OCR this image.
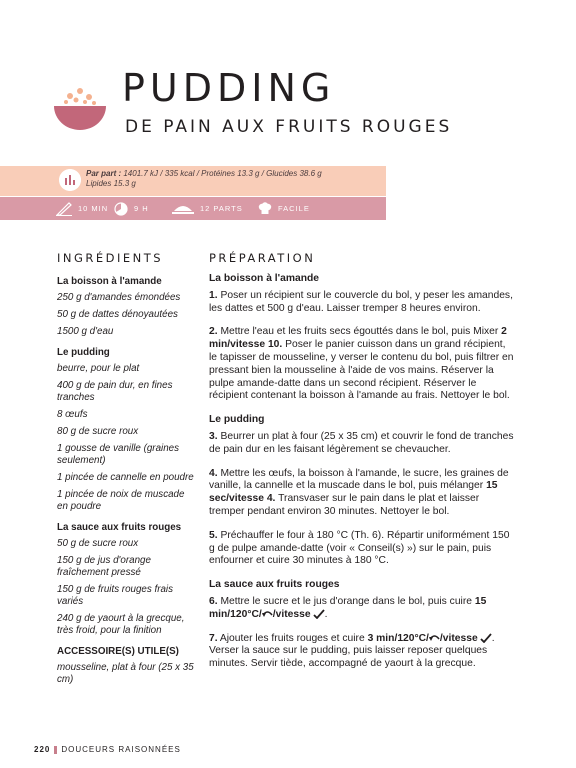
PUDDING
DE PAIN AUX FRUITS ROUGES
Par part : 1401.7 kJ / 335 kcal / Protéines 13.3 g / Glucides 38.6 g
Lipides 15.3 g
10 MIN	9 H	12 PARTS	FACILE
INGRÉDIENTS	PRÉPARATION
La boisson à l'amande
250 g d'amandes émondées
50 g de dattes dénoyautées
1500 g d'eau
Le pudding
beurre, pour le plat
400 g de pain dur, en fines tranches
8 œufs
80 g de sucre roux
1 gousse de vanille (graines seulement)
1 pincée de cannelle en poudre
1 pincée de noix de muscade en poudre
La sauce aux fruits rouges
50 g de sucre roux
150 g de jus d'orange fraîchement pressé
150 g de fruits rouges frais variés
240 g de yaourt à la grecque, très froid, pour la finition
ACCESSOIRE(S) UTILE(S)
mousseline, plat à four (25 x 35 cm)
La boisson à l'amande
1. Poser un récipient sur le couvercle du bol, y peser les amandes, les dattes et 500 g d'eau. Laisser tremper 8 heures environ.
2. Mettre l'eau et les fruits secs égouttés dans le bol, puis Mixer 2 min/vitesse 10. Poser le panier cuisson dans un grand récipient, le tapisser de mousseline, y verser le contenu du bol, puis filtrer en pressant bien la mousseline à l'aide de vos mains. Réserver la pulpe amande-datte dans un second récipient. Réserver le récipient contenant la boisson à l'amande au frais. Nettoyer le bol.
Le pudding
3. Beurrer un plat à four (25 x 35 cm) et couvrir le fond de tranches de pain dur en les faisant légèrement se chevaucher.
4. Mettre les œufs, la boisson à l'amande, le sucre, les graines de vanille, la cannelle et la muscade dans le bol, puis mélanger 15 sec/vitesse 4. Transvaser sur le pain dans le plat et laisser tremper pendant environ 30 minutes. Nettoyer le bol.
5. Préchauffer le four à 180 °C (Th. 6). Répartir uniformément 150 g de pulpe amande-datte (voir « Conseil(s) ») sur le pain, puis enfourner et cuire 30 minutes à 180 °C.
La sauce aux fruits rouges
6. Mettre le sucre et le jus d'orange dans le bol, puis cuire 15 min/120°C/ /vitesse .
7. Ajouter les fruits rouges et cuire 3 min/120°C/ /vitesse . Verser la sauce sur le pudding, puis laisser reposer quelques minutes. Servir tiède, accompagné de yaourt à la grecque.
220 DOUCEURS RAISONNÉES
